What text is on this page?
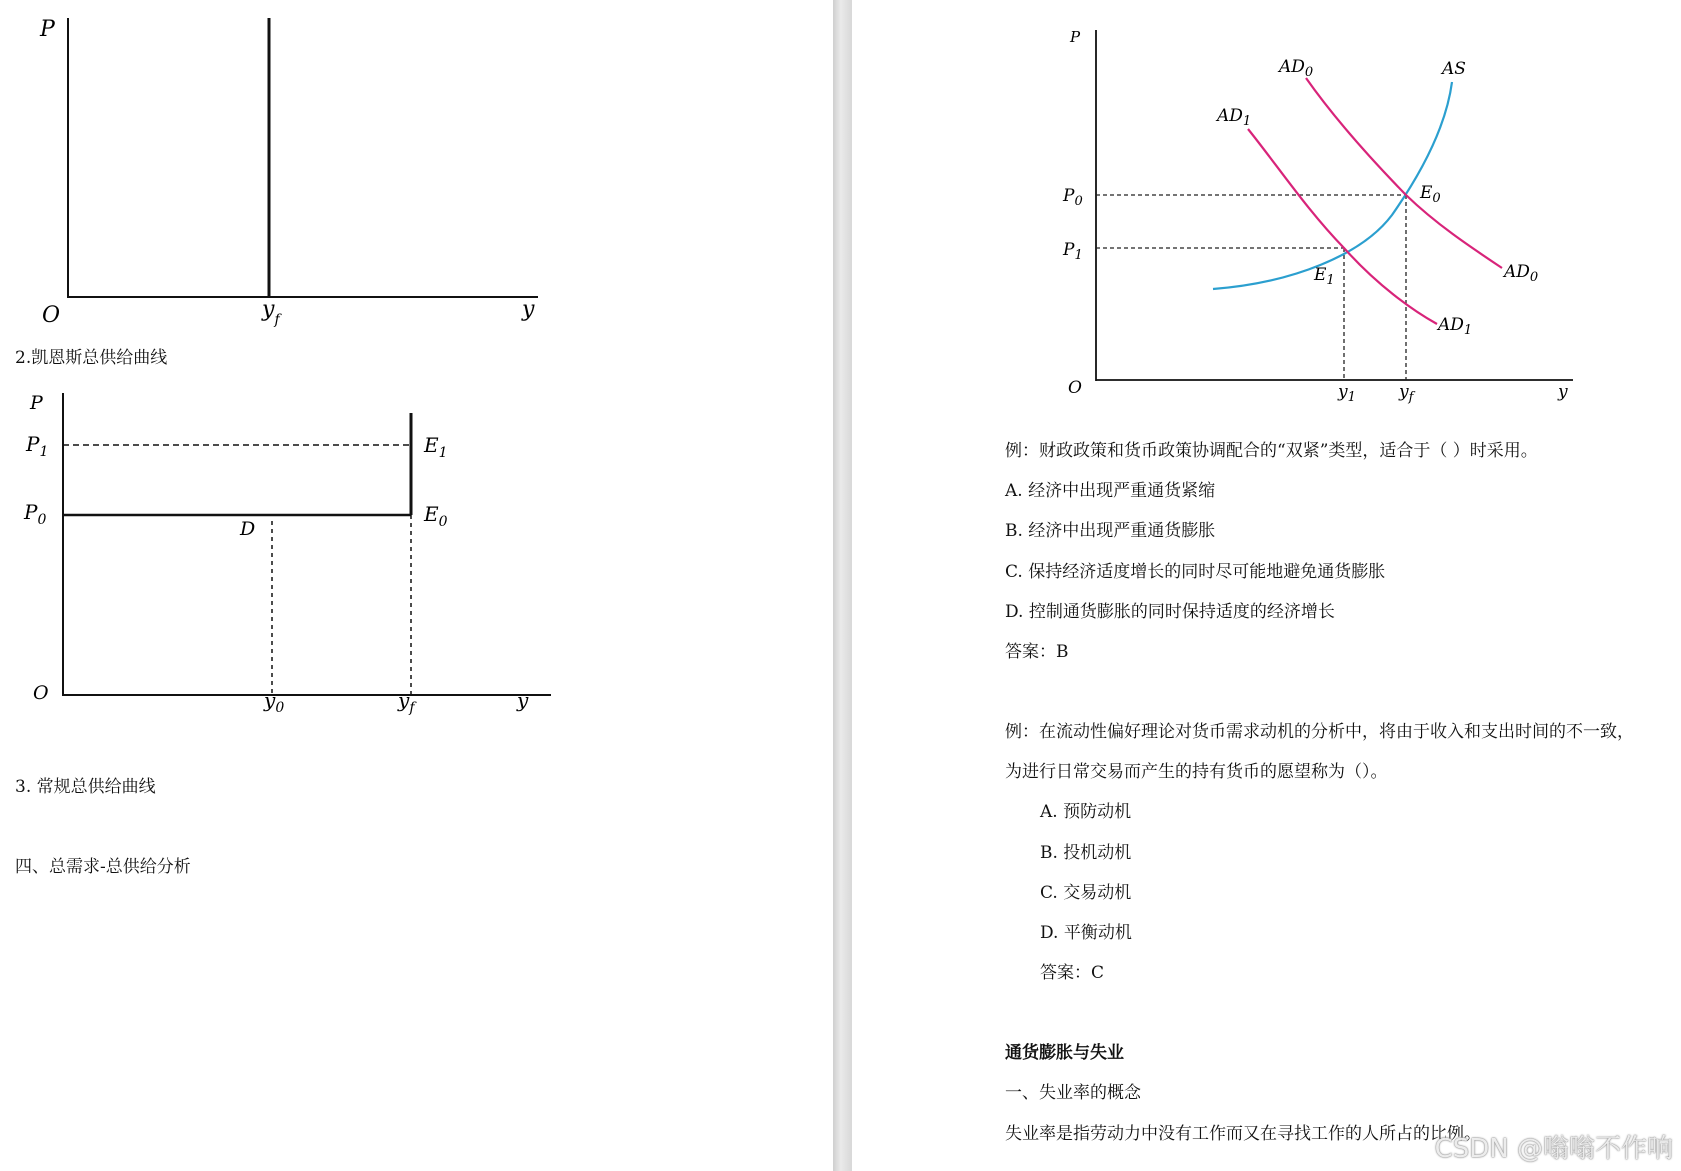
P
O	$y_f$	y
2.凯恩斯总供给曲线
P
$P_1$
$P_0$
$E_1$
$E_0$
D
O	$y_0$	$y_f$	y
3. 常规总供给曲线
四、总需求-总供给分析
P
$AD_0$
$AD_1$
AS
$P_0$
$P_1$
$E_0$
$E_1$	$AD_0$
$AD_1$
O	$y_1$	$y_f$	y
例：财政政策和货币政策协调配合的“双紧”类型，适合于（ ）时采用。
A. 经济中出现严重通货紧缩
B. 经济中出现严重通货膨胀
C. 保持经济适度增长的同时尽可能地避免通货膨胀
D. 控制通货膨胀的同时保持适度的经济增长
答案：B
例：在流动性偏好理论对货币需求动机的分析中，将由于收入和支出时间的不一致，
为进行日常交易而产生的持有货币的愿望称为（）。
A. 预防动机
B. 投机动机
C. 交易动机
D. 平衡动机
答案：C
通货膨胀与失业
一、失业率的概念
失业率是指劳动力中没有工作而又在寻找工作的人所占的比例。
CSDN @嗡嗡不作响
